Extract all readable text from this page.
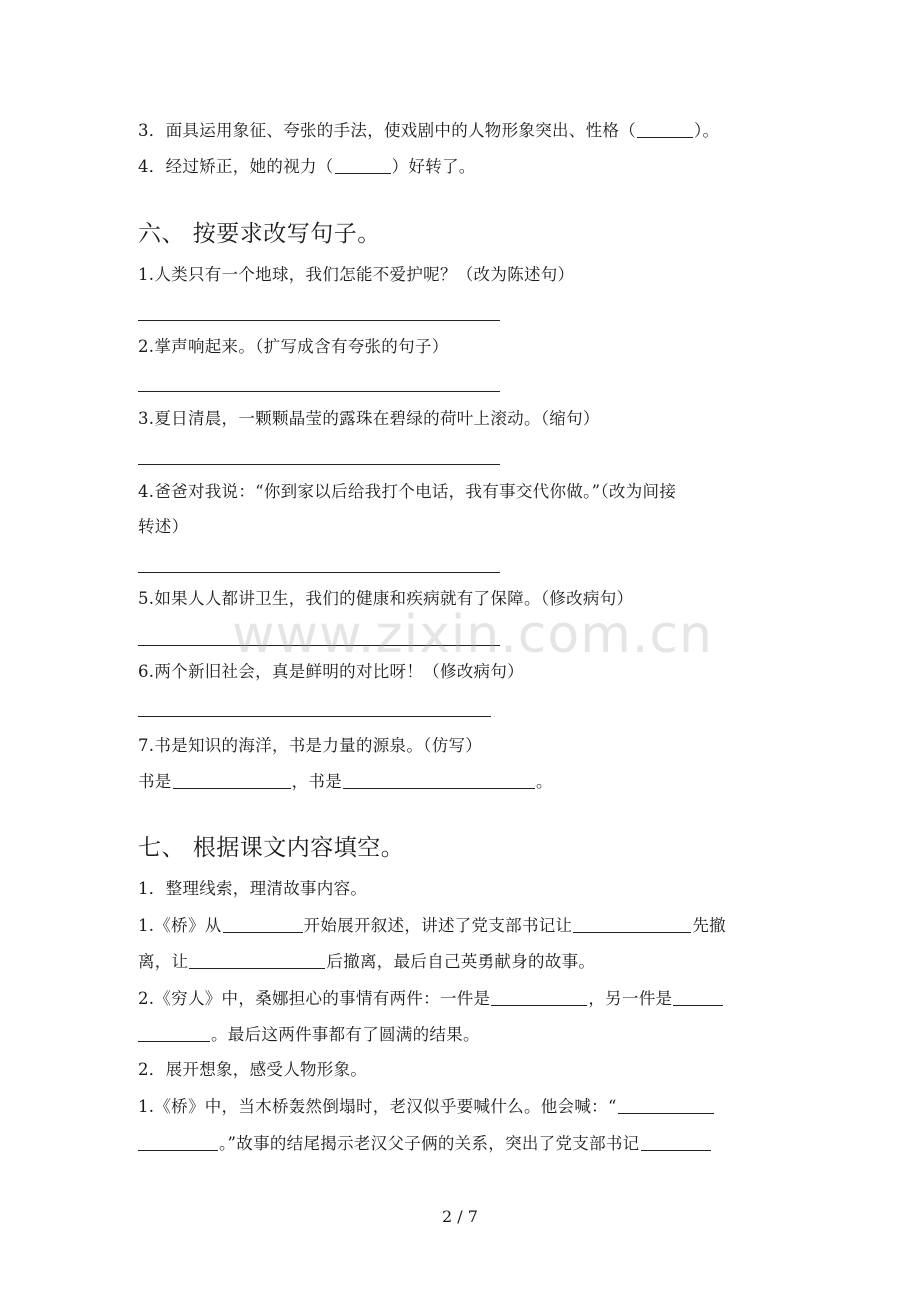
3．面具运用象征、夸张的手法，使戏剧中的人物形象突出、性格（	）。
4．经过矫正，她的视力（	）好转了。
六、 按要求改写句子。
1.人类只有一个地球，我们怎能不爱护呢？（改为陈述句）
2.掌声响起来。（扩写成含有夸张的句子）
3.夏日清晨，一颗颗晶莹的露珠在碧绿的荷叶上滚动。（缩句）
4.爸爸对我说：“你到家以后给我打个电话，我有事交代你做。”（改为间接
转述）
5.如果人人都讲卫生，我们的健康和疾病就有了保障。（修改病句）
6.两个新旧社会，真是鲜明的对比呀！（修改病句）
7.书是知识的海洋，书是力量的源泉。（仿写）
书是	，书是	。
七、 根据课文内容填空。
1．整理线索，理清故事内容。
1.《桥》从	开始展开叙述，讲述了党支部书记让	先撤
离，让	后撤离，最后自己英勇献身的故事。
2.《穷人》中，桑娜担心的事情有两件：一件是	，另一件是
。最后这两件事都有了圆满的结果。
2．展开想象，感受人物形象。
1.《桥》中，当木桥轰然倒塌时，老汉似乎要喊什么。他会喊：“
。”故事的结尾揭示老汉父子俩的关系，突出了党支部书记
www.zixin.com.cn
2 / 7
